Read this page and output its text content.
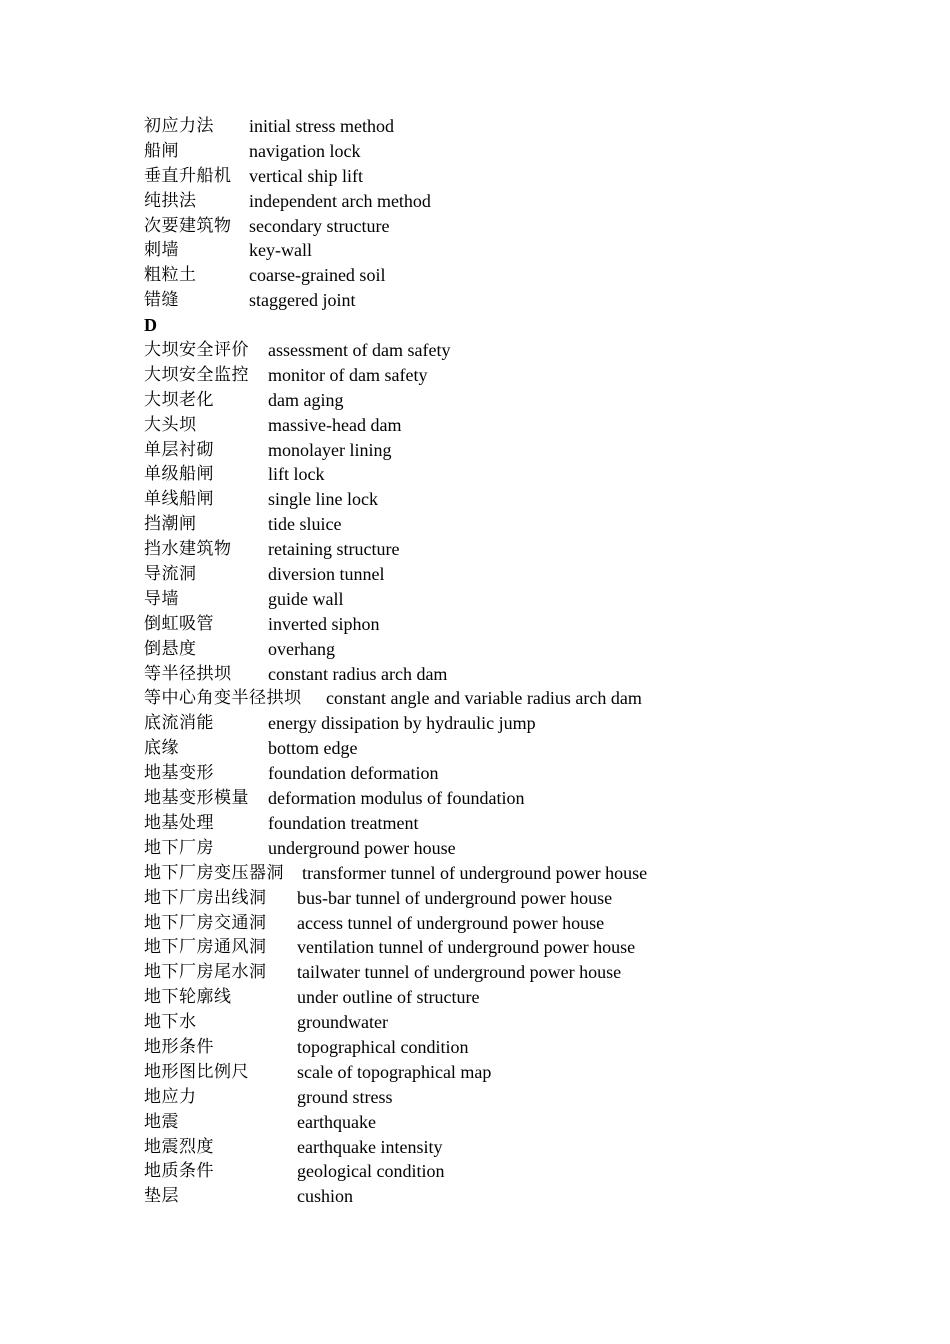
初应力法 initial stress method
船闸	navigation lock
垂直升船机 vertical ship lift
纯拱法	independent arch method
次要建筑物 secondary structure
刺墙	key-wall
粗粒土	coarse-grained soil
错缝	staggered joint
D
大坝安全评价 assessment of dam safety
大坝安全监控 monitor of dam safety
大坝老化	dam aging
大头坝	massive-head dam
单层衬砌	monolayer lining
单级船闸	lift lock
单线船闸	single line lock
挡潮闸	tide sluice
挡水建筑物 retaining structure
导流洞	diversion tunnel
导墙	guide wall
倒虹吸管	inverted siphon
倒悬度	overhang
等半径拱坝 constant radius arch dam
等中心角变半径拱坝 constant angle and variable radius arch dam
底流消能	energy dissipation by hydraulic jump
底缘	bottom edge
地基变形	foundation deformation
地基变形模量 deformation modulus of foundation
地基处理	foundation treatment
地下厂房	underground power house
地下厂房变压器洞 transformer tunnel of underground power house
地下厂房出线洞 bus-bar tunnel of underground power house
地下厂房交通洞 access tunnel of underground power house
地下厂房通风洞 ventilation tunnel of underground power house
地下厂房尾水洞 tailwater tunnel of underground power house
地下轮廓线	under outline of structure
地下水	groundwater
地形条件	topographical condition
地形图比例尺	scale of topographical map
地应力	ground stress
地震	earthquake
地震烈度	earthquake intensity
地质条件	geological condition
垫层	cushion
